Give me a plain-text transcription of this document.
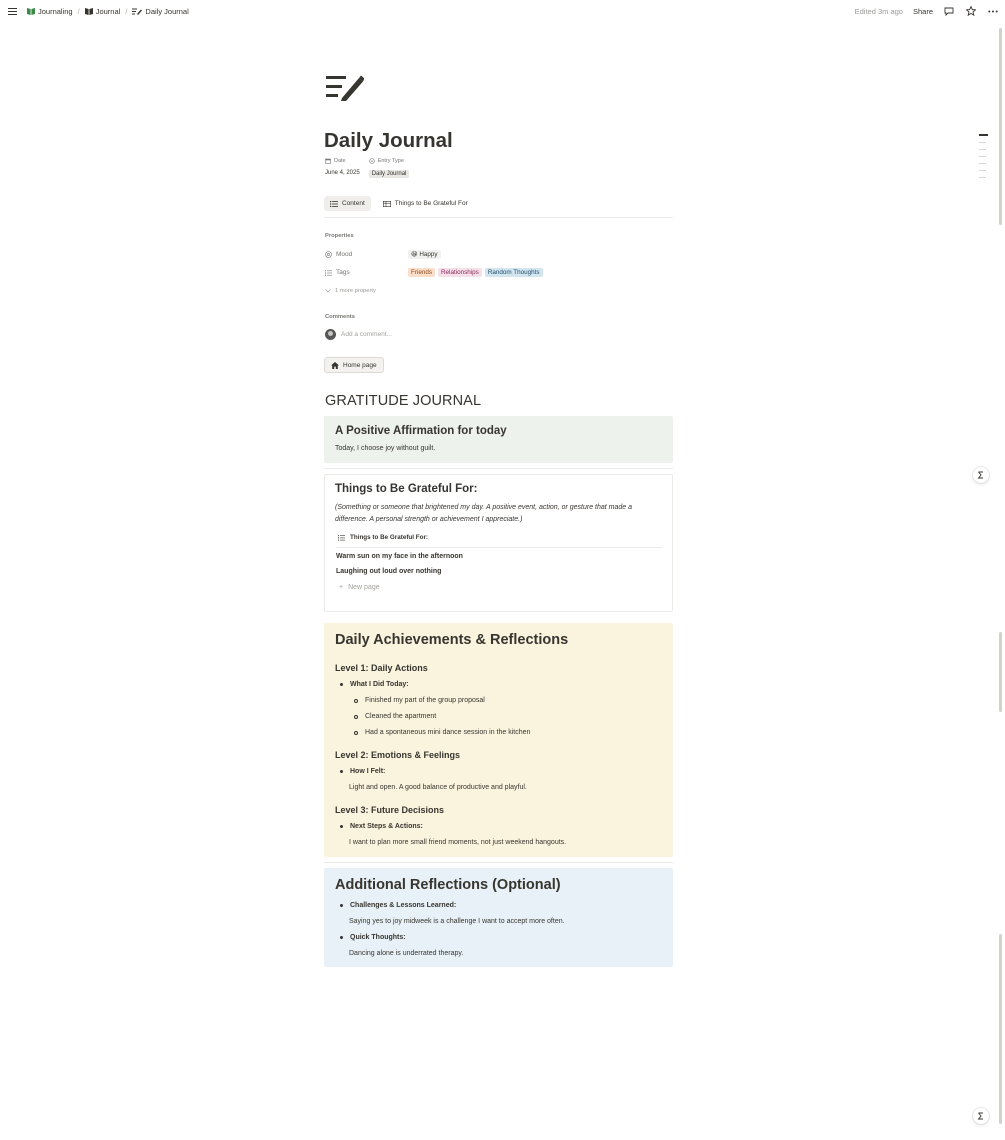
Journaling / Journal / Daily Journal	Edited 3m ago Share
Daily Journal
Date
June 4, 2025
Entry Type
Daily Journal
Content	Things to Be Grateful For
Properties
Mood	😀 Happy
Tags	Friends	Relationships	Random Thoughts
1 more property
Comments
Add a comment...
Home page
GRATITUDE JOURNAL
A Positive Affirmation for today
Today, I choose joy without guilt.
Things to Be Grateful For:
(Something or someone that brightened my day. A positive event, action, or gesture that made a difference. A personal strength or achievement I appreciate.)
Things to Be Grateful For:
Warm sun on my face in the afternoon
Laughing out loud over nothing
+ New page
Daily Achievements & Reflections
Level 1: Daily Actions
What I Did Today:
Finished my part of the group proposal
Cleaned the apartment
Had a spontaneous mini dance session in the kitchen
Level 2: Emotions & Feelings
How I Felt:
Light and open. A good balance of productive and playful.
Level 3: Future Decisions
Next Steps & Actions:
I want to plan more small friend moments, not just weekend hangouts.
Additional Reflections (Optional)
Challenges & Lessons Learned:
Saying yes to joy midweek is a challenge I want to accept more often.
Quick Thoughts:
Dancing alone is underrated therapy.
